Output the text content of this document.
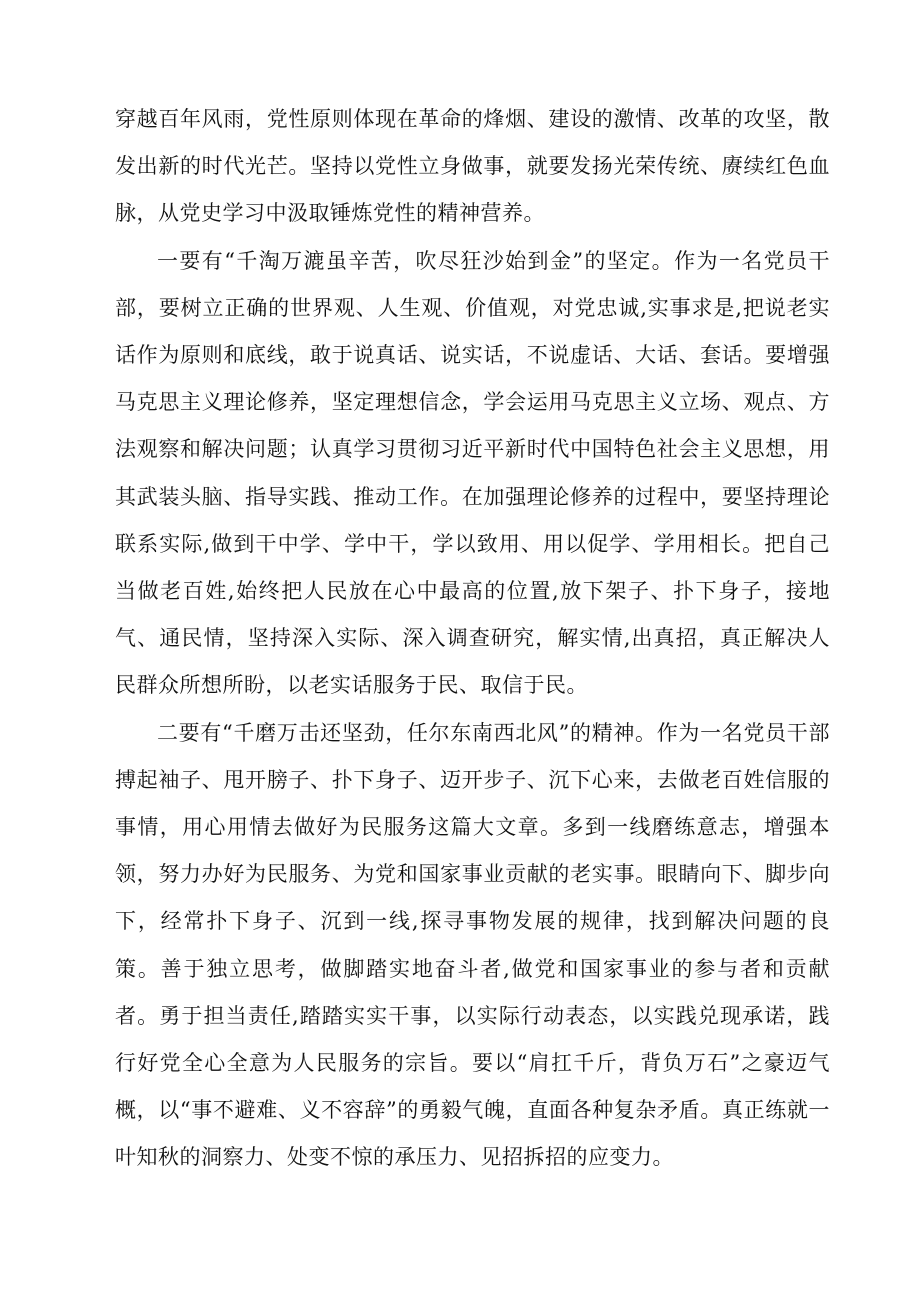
穿越百年风雨，党性原则体现在革命的烽烟、建设的激情、改革的攻坚，散发出新的时代光芒。坚持以党性立身做事，就要发扬光荣传统、赓续红色血脉，从党史学习中汲取锤炼党性的精神营养。

一要有“千淘万漉虽辛苦，吹尽狂沙始到金”的坚定。作为一名党员干部，要树立正确的世界观、人生观、价值观，对党忠诚,实事求是,把说老实话作为原则和底线，敢于说真话、说实话，不说虚话、大话、套话。要增强马克思主义理论修养，坚定理想信念，学会运用马克思主义立场、观点、方法观察和解决问题；认真学习贯彻习近平新时代中国特色社会主义思想，用其武装头脑、指导实践、推动工作。在加强理论修养的过程中，要坚持理论联系实际,做到干中学、学中干，学以致用、用以促学、学用相长。把自己当做老百姓,始终把人民放在心中最高的位置,放下架子、扑下身子，接地气、通民情，坚持深入实际、深入调查研究，解实情,出真招，真正解决人民群众所想所盼，以老实话服务于民、取信于民。

二要有“千磨万击还坚劲，任尔东南西北风”的精神。作为一名党员干部搏起袖子、甩开膀子、扑下身子、迈开步子、沉下心来，去做老百姓信服的事情，用心用情去做好为民服务这篇大文章。多到一线磨练意志，增强本领，努力办好为民服务、为党和国家事业贡献的老实事。眼睛向下、脚步向下，经常扑下身子、沉到一线,探寻事物发展的规律，找到解决问题的良策。善于独立思考，做脚踏实地奋斗者,做党和国家事业的参与者和贡献者。勇于担当责任,踏踏实实干事，以实际行动表态，以实践兑现承诺，践行好党全心全意为人民服务的宗旨。要以“肩扛千斤，背负万石”之豪迈气概，以“事不避难、义不容辞”的勇毅气魄，直面各种复杂矛盾。真正练就一叶知秋的洞察力、处变不惊的承压力、见招拆招的应变力。
